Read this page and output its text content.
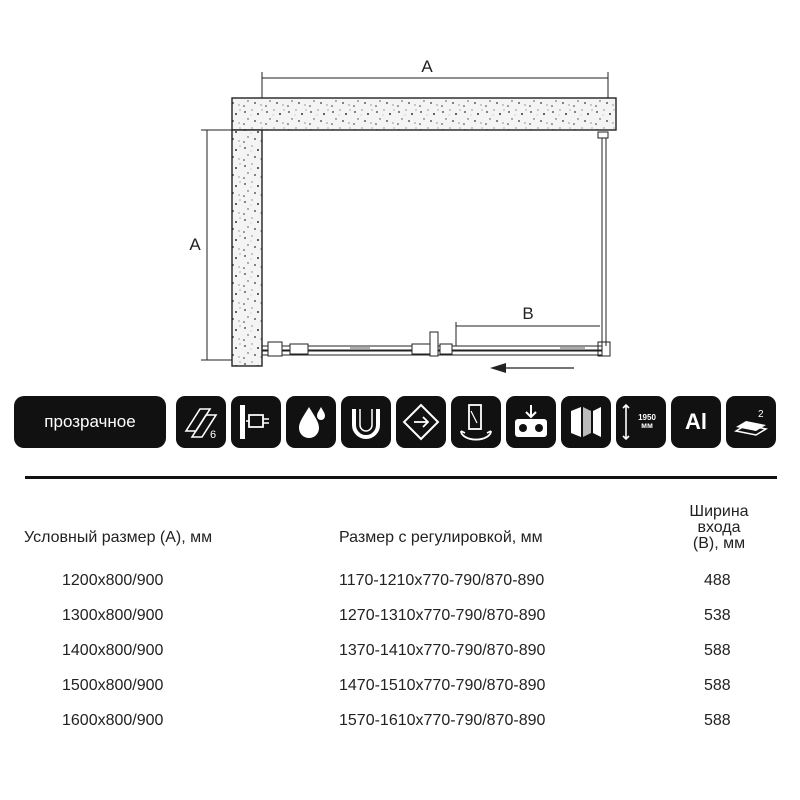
A
A
B
прозрачное
6
1950 мм Al	2
Условный размер (A), мм	Размер с регулировкой, мм
Ширина
входа
(B), мм
1200x800/900	1170-1210x770-790/870-890	488
1300x800/900	1270-1310x770-790/870-890	538
1400x800/900	1370-1410x770-790/870-890	588
1500x800/900	1470-1510x770-790/870-890	588
1600x800/900	1570-1610x770-790/870-890	588
